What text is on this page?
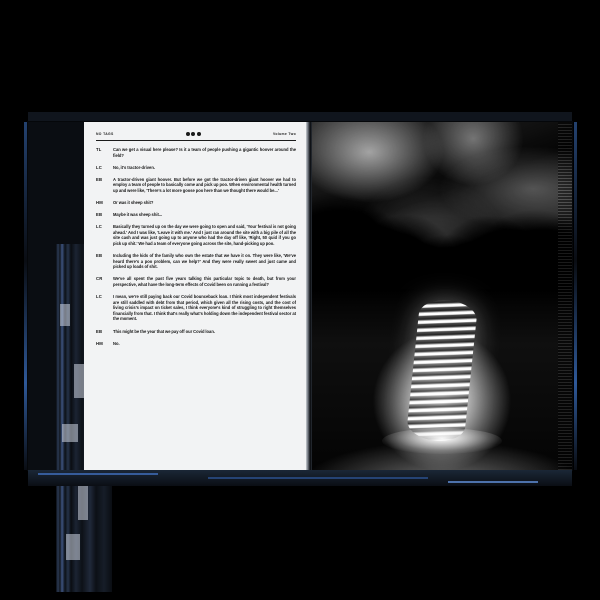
NO TAGS	Volume Two
TL	Can we get a visual here please? Is it a team of people pushing a gigantic hoover around the field?
LC	No, it's tractor-driven.
EB	A tractor-driven giant hoover. But before we got the tractor-driven giant hoover we had to employ a team of people to basically come and pick up poo. When environmental health turned up and were like, 'There's a lot more goose poo here than we thought there would be...'
HM	Or was it sheep shit?
EB	Maybe it was sheep shit...
LC	Basically they turned up on the day we were going to open and said, 'Your festival is not going ahead.' And I was like, 'Leave it with me.' And I just ran around the site with a big pile of all the site cash and was just going up to anyone who had the day off like, 'Right, 50 quid if you go pick up shit.' We had a team of everyone going across the site, hand-picking up poo.
EB	Including the kids of the family who own the estate that we have it on. They were like, 'We've heard there's a poo problem, can we help?' And they were really sweet and just came and picked up loads of shit.
CR	We've all spent the past five years talking this particular topic to death, but from your perspective, what have the long-term effects of Covid been on running a festival?
LC	I mean, we're still paying back our Covid bounceback loan. I think most independent festivals are still saddled with debt from that period, which given all the rising costs, and the cost of living crisis's impact on ticket sales, I think everyone's kind of struggling to right themselves financially from that. I think that's really what's holding down the independent festival sector at the moment.
EB	This might be the year that we pay off our Covid loan.
HM	No.
